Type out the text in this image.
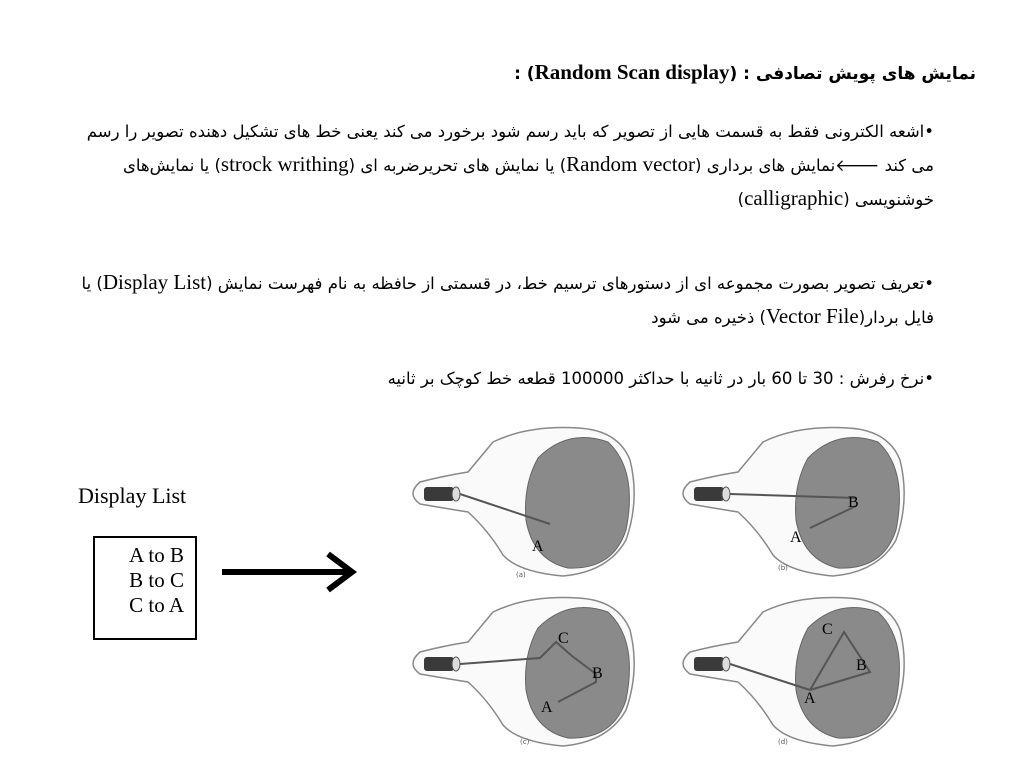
نمایش های پویش تصادفی : (Random Scan display) :
•اشعه الکترونی فقط به قسمت هایی از تصویر که باید رسم شود برخورد می کند یعنی خط های تشکیل دهنده تصویر را رسم می کند 🡐نمایش های برداری (Random vector) یا نمایش های تحریرضربه ای (strock writhing) یا نمایش‌های خوشنویسی (calligraphic)
•تعریف تصویر بصورت مجموعه ای از دستورهای ترسیم خط، در قسمتی از حافظه به نام فهرست نمایش (Display List) یا فایل بردار(Vector File) ذخیره می شود
•نرخ رفرش : 30 تا 60 بار در ثانیه با حداکثر 100000 قطعه خط کوچک بر ثانیه
Display List
A to B
B to C
C to A
A
(a)
B
A
(b)
C
B
A
(c)
C
B
A
(d)
